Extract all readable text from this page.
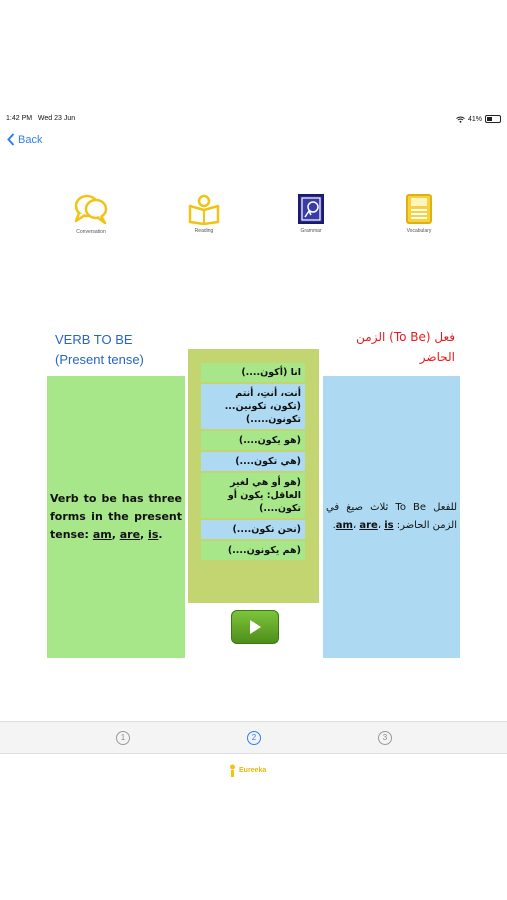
1:42 PM Wed 23 Jun	41%
Back
Conversation	Reading	Grammar	Vocabulary
VERB TO BE
(Present tense)
فعل (To Be) الزمن
الحاضر

Verb to be has three forms in the present tense: am, are, is.

انا (أكون....)
أنت، أنتِ، أنتم (تكون، تكونين... تكونون.....)
(هو يكون....)
(هي تكون....)
(هو أو هي لغير العاقل: يكون أو تكون....)
(نحن نكون....)
(هم يكونون....)

للفعل To Be ثلاث صيغ في الزمن الحاضر: am، are، is.

1	2	3
Eureeka
